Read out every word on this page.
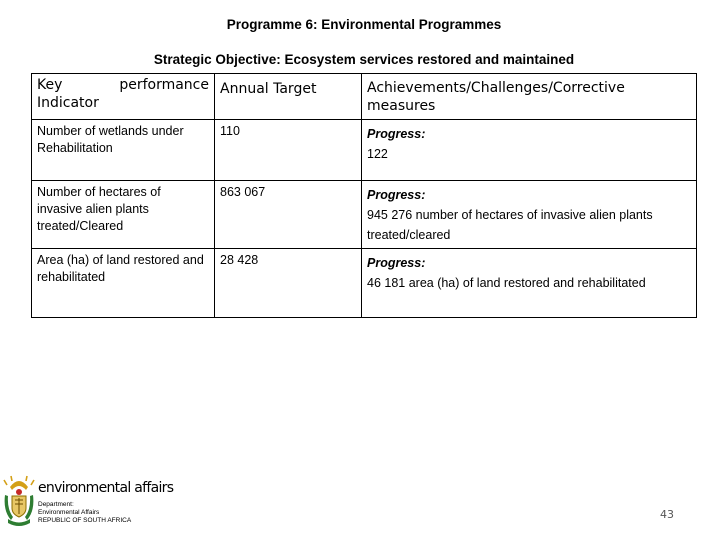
Programme 6: Environmental Programmes
Strategic Objective: Ecosystem services restored and maintained
Key performance Indicator	Annual Target	Achievements/Challenges/Corrective measures

Number of wetlands under Rehabilitation	110	Progress:
122

Number of hectares of invasive alien plants treated/Cleared	863 067	Progress:
945 276 number of hectares of invasive alien plants treated/cleared

Area (ha) of land restored and rehabilitated	28 428	Progress:
46 181 area (ha) of land restored and rehabilitated
environmental affairs
Department:
Environmental Affairs
REPUBLIC OF SOUTH AFRICA	43
